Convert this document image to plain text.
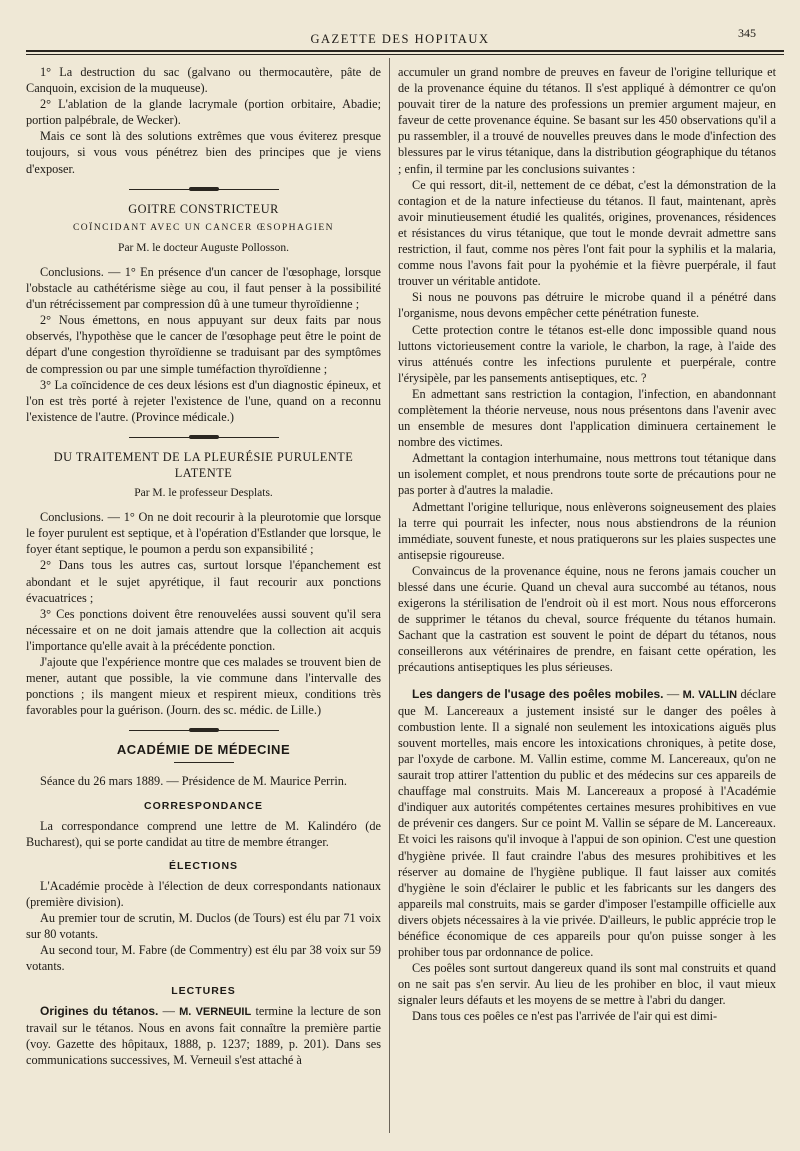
GAZETTE DES HOPITAUX	345

1° La destruction du sac (galvano ou thermocautère, pâte de Canquoin, excision de la muqueuse).

2° L'ablation de la glande lacrymale (portion orbitaire, Abadie; portion palpébrale, de Wecker).

Mais ce sont là des solutions extrêmes que vous éviterez presque toujours, si vous vous pénétrez bien des principes que je viens d'exposer.

GOITRE CONSTRICTEUR
COÏNCIDANT AVEC UN CANCER ŒSOPHAGIEN
Par M. le docteur Auguste Pollosson.

Conclusions. — 1° En présence d'un cancer de l'œsophage, lorsque l'obstacle au cathétérisme siège au cou, il faut penser à la possibilité d'un rétrécissement par compression dû à une tumeur thyroïdienne ;

2° Nous émettons, en nous appuyant sur deux faits par nous observés, l'hypothèse que le cancer de l'œsophage peut être le point de départ d'une congestion thyroïdienne se traduisant par des symptômes de compression ou par une simple tuméfaction thyroïdienne ;

3° La coïncidence de ces deux lésions est d'un diagnostic épineux, et l'on est très porté à rejeter l'existence de l'une, quand on a reconnu l'existence de l'autre. (Province médicale.)

DU TRAITEMENT DE LA PLEURÉSIE PURULENTE LATENTE
Par M. le professeur Desplats.

Conclusions. — 1° On ne doit recourir à la pleurotomie que lorsque le foyer purulent est septique, et à l'opération d'Estlander que lorsque, le foyer étant septique, le poumon a perdu son expansibilité ;

2° Dans tous les autres cas, surtout lorsque l'épanchement est abondant et le sujet apyrétique, il faut recourir aux ponctions évacuatrices ;

3° Ces ponctions doivent être renouvelées aussi souvent qu'il sera nécessaire et on ne doit jamais attendre que la collection ait acquis l'importance qu'elle avait à la précédente ponction.

J'ajoute que l'expérience montre que ces malades se trouvent bien de mener, autant que possible, la vie commune dans l'intervalle des ponctions ; ils mangent mieux et respirent mieux, conditions très favorables pour la guérison. (Journ. des sc. médic. de Lille.)

ACADÉMIE DE MÉDECINE

Séance du 26 mars 1889. — Présidence de M. Maurice Perrin.

CORRESPONDANCE

La correspondance comprend une lettre de M. Kalindéro (de Bucharest), qui se porte candidat au titre de membre étranger.

ÉLECTIONS

L'Académie procède à l'élection de deux correspondants nationaux (première division).

Au premier tour de scrutin, M. Duclos (de Tours) est élu par 71 voix sur 80 votants.

Au second tour, M. Fabre (de Commentry) est élu par 38 voix sur 59 votants.

LECTURES

Origines du tétanos. — M. VERNEUIL termine la lecture de son travail sur le tétanos. Nous en avons fait connaître la première partie (voy. Gazette des hôpitaux, 1888, p. 1237; 1889, p. 201). Dans ses communications successives, M. Verneuil s'est attaché à

accumuler un grand nombre de preuves en faveur de l'origine tellurique et de la provenance équine du tétanos. Il s'est appliqué à démontrer ce qu'on pouvait tirer de la nature des professions un premier argument majeur, en faveur de cette provenance équine. Se basant sur les 450 observations qu'il a pu rassembler, il a trouvé de nouvelles preuves dans le mode d'infection des blessures par le virus tétanique, dans la distribution géographique du tétanos ; enfin, il termine par les conclusions suivantes :

Ce qui ressort, dit-il, nettement de ce débat, c'est la démonstration de la contagion et de la nature infectieuse du tétanos. Il faut, maintenant, après avoir minutieusement étudié les qualités, origines, provenances, résidences et résistances du virus tétanique, que tout le monde devrait admettre sans restriction, il faut, comme nos pères l'ont fait pour la syphilis et la malaria, comme nous l'avons fait pour la pyohémie et la fièvre puerpérale, il faut trouver un véritable antidote.

Si nous ne pouvons pas détruire le microbe quand il a pénétré dans l'organisme, nous devons empêcher cette pénétration funeste.

Cette protection contre le tétanos est-elle donc impossible quand nous luttons victorieusement contre la variole, le charbon, la rage, à l'aide des virus atténués contre les infections purulente et puerpérale, contre l'érysipèle, par les pansements antiseptiques, etc. ?

En admettant sans restriction la contagion, l'infection, en abandonnant complètement la théorie nerveuse, nous nous présentons dans l'avenir avec un ensemble de mesures dont l'application diminuera certainement le nombre des victimes.

Admettant la contagion interhumaine, nous mettrons tout tétanique dans un isolement complet, et nous prendrons toute sorte de précautions pour ne pas porter à d'autres la maladie.

Admettant l'origine tellurique, nous enlèverons soigneusement des plaies la terre qui pourrait les infecter, nous nous abstiendrons de la réunion immédiate, souvent funeste, et nous pratiquerons sur les plaies suspectes une antisepsie rigoureuse.

Convaincus de la provenance équine, nous ne ferons jamais coucher un blessé dans une écurie. Quand un cheval aura succombé au tétanos, nous exigerons la stérilisation de l'endroit où il est mort. Nous nous efforcerons de supprimer le tétanos du cheval, source fréquente du tétanos humain. Sachant que la castration est souvent le point de départ du tétanos, nous conseillerons aux vétérinaires de prendre, en faisant cette opération, les précautions antiseptiques les plus sérieuses.

Les dangers de l'usage des poêles mobiles. — M. VALLIN déclare que M. Lancereaux a justement insisté sur le danger des poêles à combustion lente. Il a signalé non seulement les intoxications aiguës plus souvent mortelles, mais encore les intoxications chroniques, à petite dose, par l'oxyde de carbone. M. Vallin estime, comme M. Lancereaux, qu'on ne saurait trop attirer l'attention du public et des médecins sur ces appareils de chauffage mal construits. Mais M. Lancereaux a proposé à l'Académie d'indiquer aux autorités compétentes certaines mesures prohibitives en vue de prévenir ces dangers. Sur ce point M. Vallin se sépare de M. Lancereaux. Et voici les raisons qu'il invoque à l'appui de son opinion. C'est une question d'hygiène privée. Il faut craindre l'abus des mesures prohibitives et les réserver au domaine de l'hygiène publique. Il faut laisser aux comités d'hygiène le soin d'éclairer le public et les fabricants sur les dangers des appareils mal construits, mais se garder d'imposer l'estampille officielle aux divers objets nécessaires à la vie privée. D'ailleurs, le public apprécie trop le bénéfice économique de ces appareils pour qu'on puisse songer à les prohiber tous par ordonnance de police.

Ces poêles sont surtout dangereux quand ils sont mal construits et quand on ne sait pas s'en servir. Au lieu de les prohiber en bloc, il vaut mieux signaler leurs défauts et les moyens de se mettre à l'abri du danger.

Dans tous ces poêles ce n'est pas l'arrivée de l'air qui est dimi-
